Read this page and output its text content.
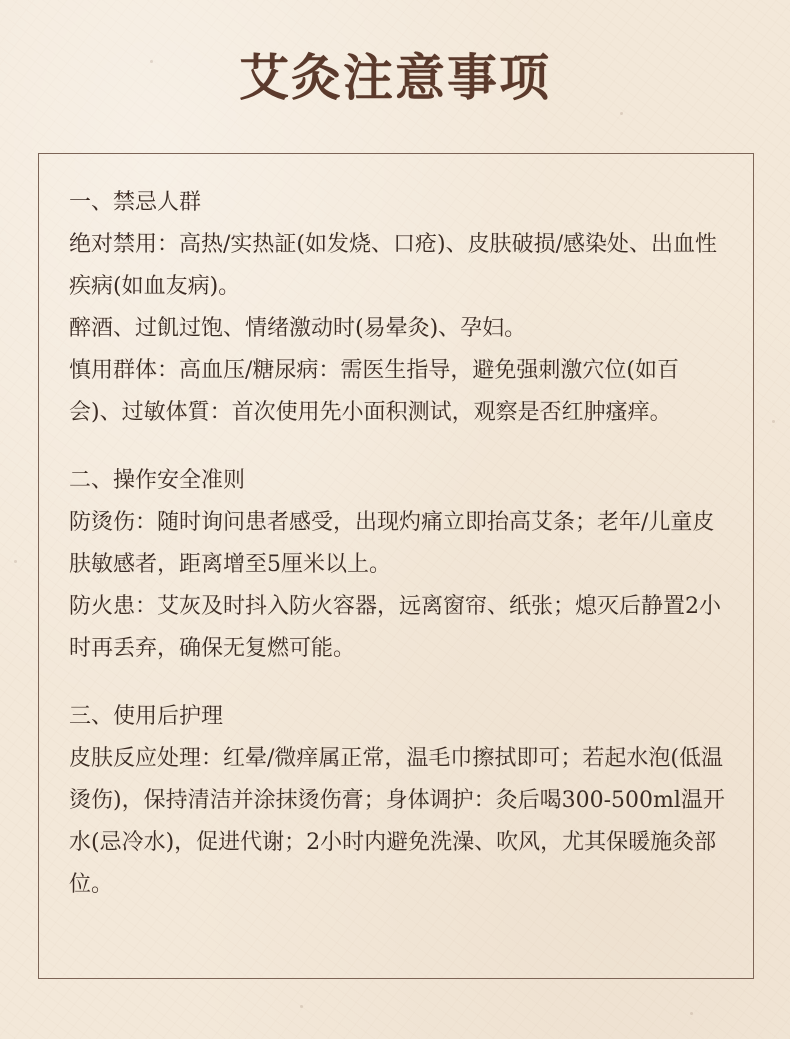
艾灸注意事项

一、禁忌人群

绝对禁用：高热/实热証(如发烧、口疮)、皮肤破损/感染处、出血性疾病(如血友病)。

醉酒、过飢过饱、情绪激动时(易晕灸)、孕妇。

慎用群体：高血压/糖尿病：需医生指导，避免强刺激穴位(如百会)、过敏体質：首次使用先小面积测试，观察是否红肿瘙痒。

二、操作安全准则

防烫伤：随时询问患者感受，出现灼痛立即抬高艾条；老年/儿童皮肤敏感者，距离增至5厘米以上。

防火患：艾灰及时抖入防火容器，远离窗帘、纸张；熄灭后静置2小时再丢弃，确保无复燃可能。

三、使用后护理

皮肤反应处理：红晕/微痒属正常，温毛巾擦拭即可；若起水泡(低温烫伤)，保持清洁并涂抹烫伤膏；身体调护：灸后喝300-500ml温开水(忌冷水)，促进代谢；2小时内避免洗澡、吹风，尤其保暖施灸部位。
